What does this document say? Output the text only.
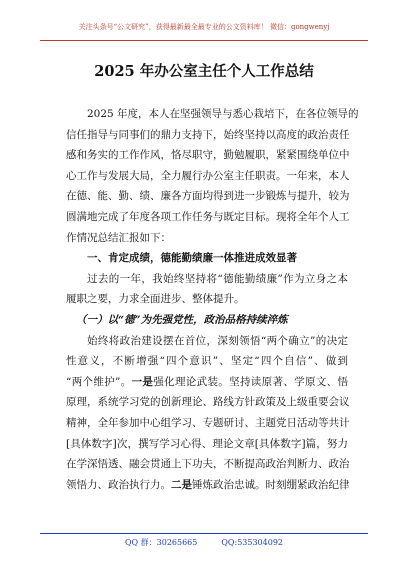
关注头条号“公文研究”，获得最新最全最专业的公文资料库！ 微信：gongwenyj
2025 年办公室主任个人工作总结
2025 年度，本人在坚强领导与悉心栽培下，在各位领导的
信任指导与同事们的鼎力支持下，始终坚持以高度的政治责任
感和务实的工作作风，恪尽职守，勤勉履职，紧紧围绕单位中
心工作与发展大局，全力履行办公室主任职责。一年来，本人
在德、能、勤、绩、廉各方面均得到进一步锻炼与提升，较为
圆满地完成了年度各项工作任务与既定目标。现将全年个人工
作情况总结汇报如下：
一、肯定成绩，德能勤绩廉一体推进成效显著
过去的一年，我始终坚持将“德能勤绩廉”作为立身之本
履职之要，力求全面进步、整体提升。
（一）以“德”为先强党性，政治品格持续淬炼
始终将政治建设摆在首位，深刻领悟“两个确立”的决定
性意义，不断增强“四个意识”、坚定“四个自信”、做到
“两个维护”。一是强化理论武装。坚持读原著、学原文、悟
原理，系统学习党的创新理论、路线方针政策及上级重要会议
精神，全年参加中心组学习、专题研讨、主题党日活动等共计
[具体数字]次，撰写学习心得、理论文章[具体数字]篇，努力
在学深悟透、融会贯通上下功夫，不断提高政治判断力、政治
领悟力、政治执行力。二是锤炼政治忠诚。时刻绷紧政治纪律
QQ 群：30265665	QQ:535304092
